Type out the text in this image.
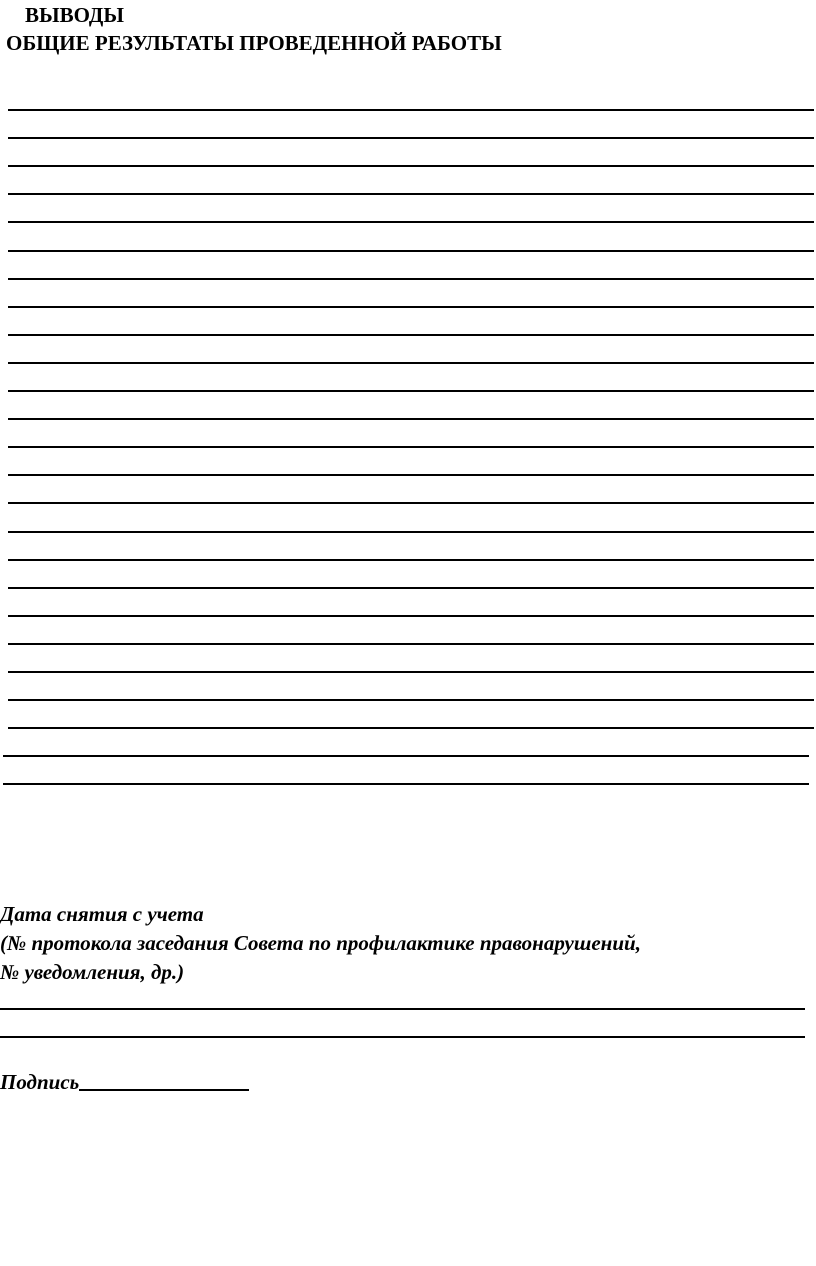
ВЫВОДЫ
ОБЩИЕ РЕЗУЛЬТАТЫ ПРОВЕДЕННОЙ РАБОТЫ
Дата снятия с учета
(№ протокола заседания Совета по профилактике правонарушений,
№ уведомления, др.)
Подпись
